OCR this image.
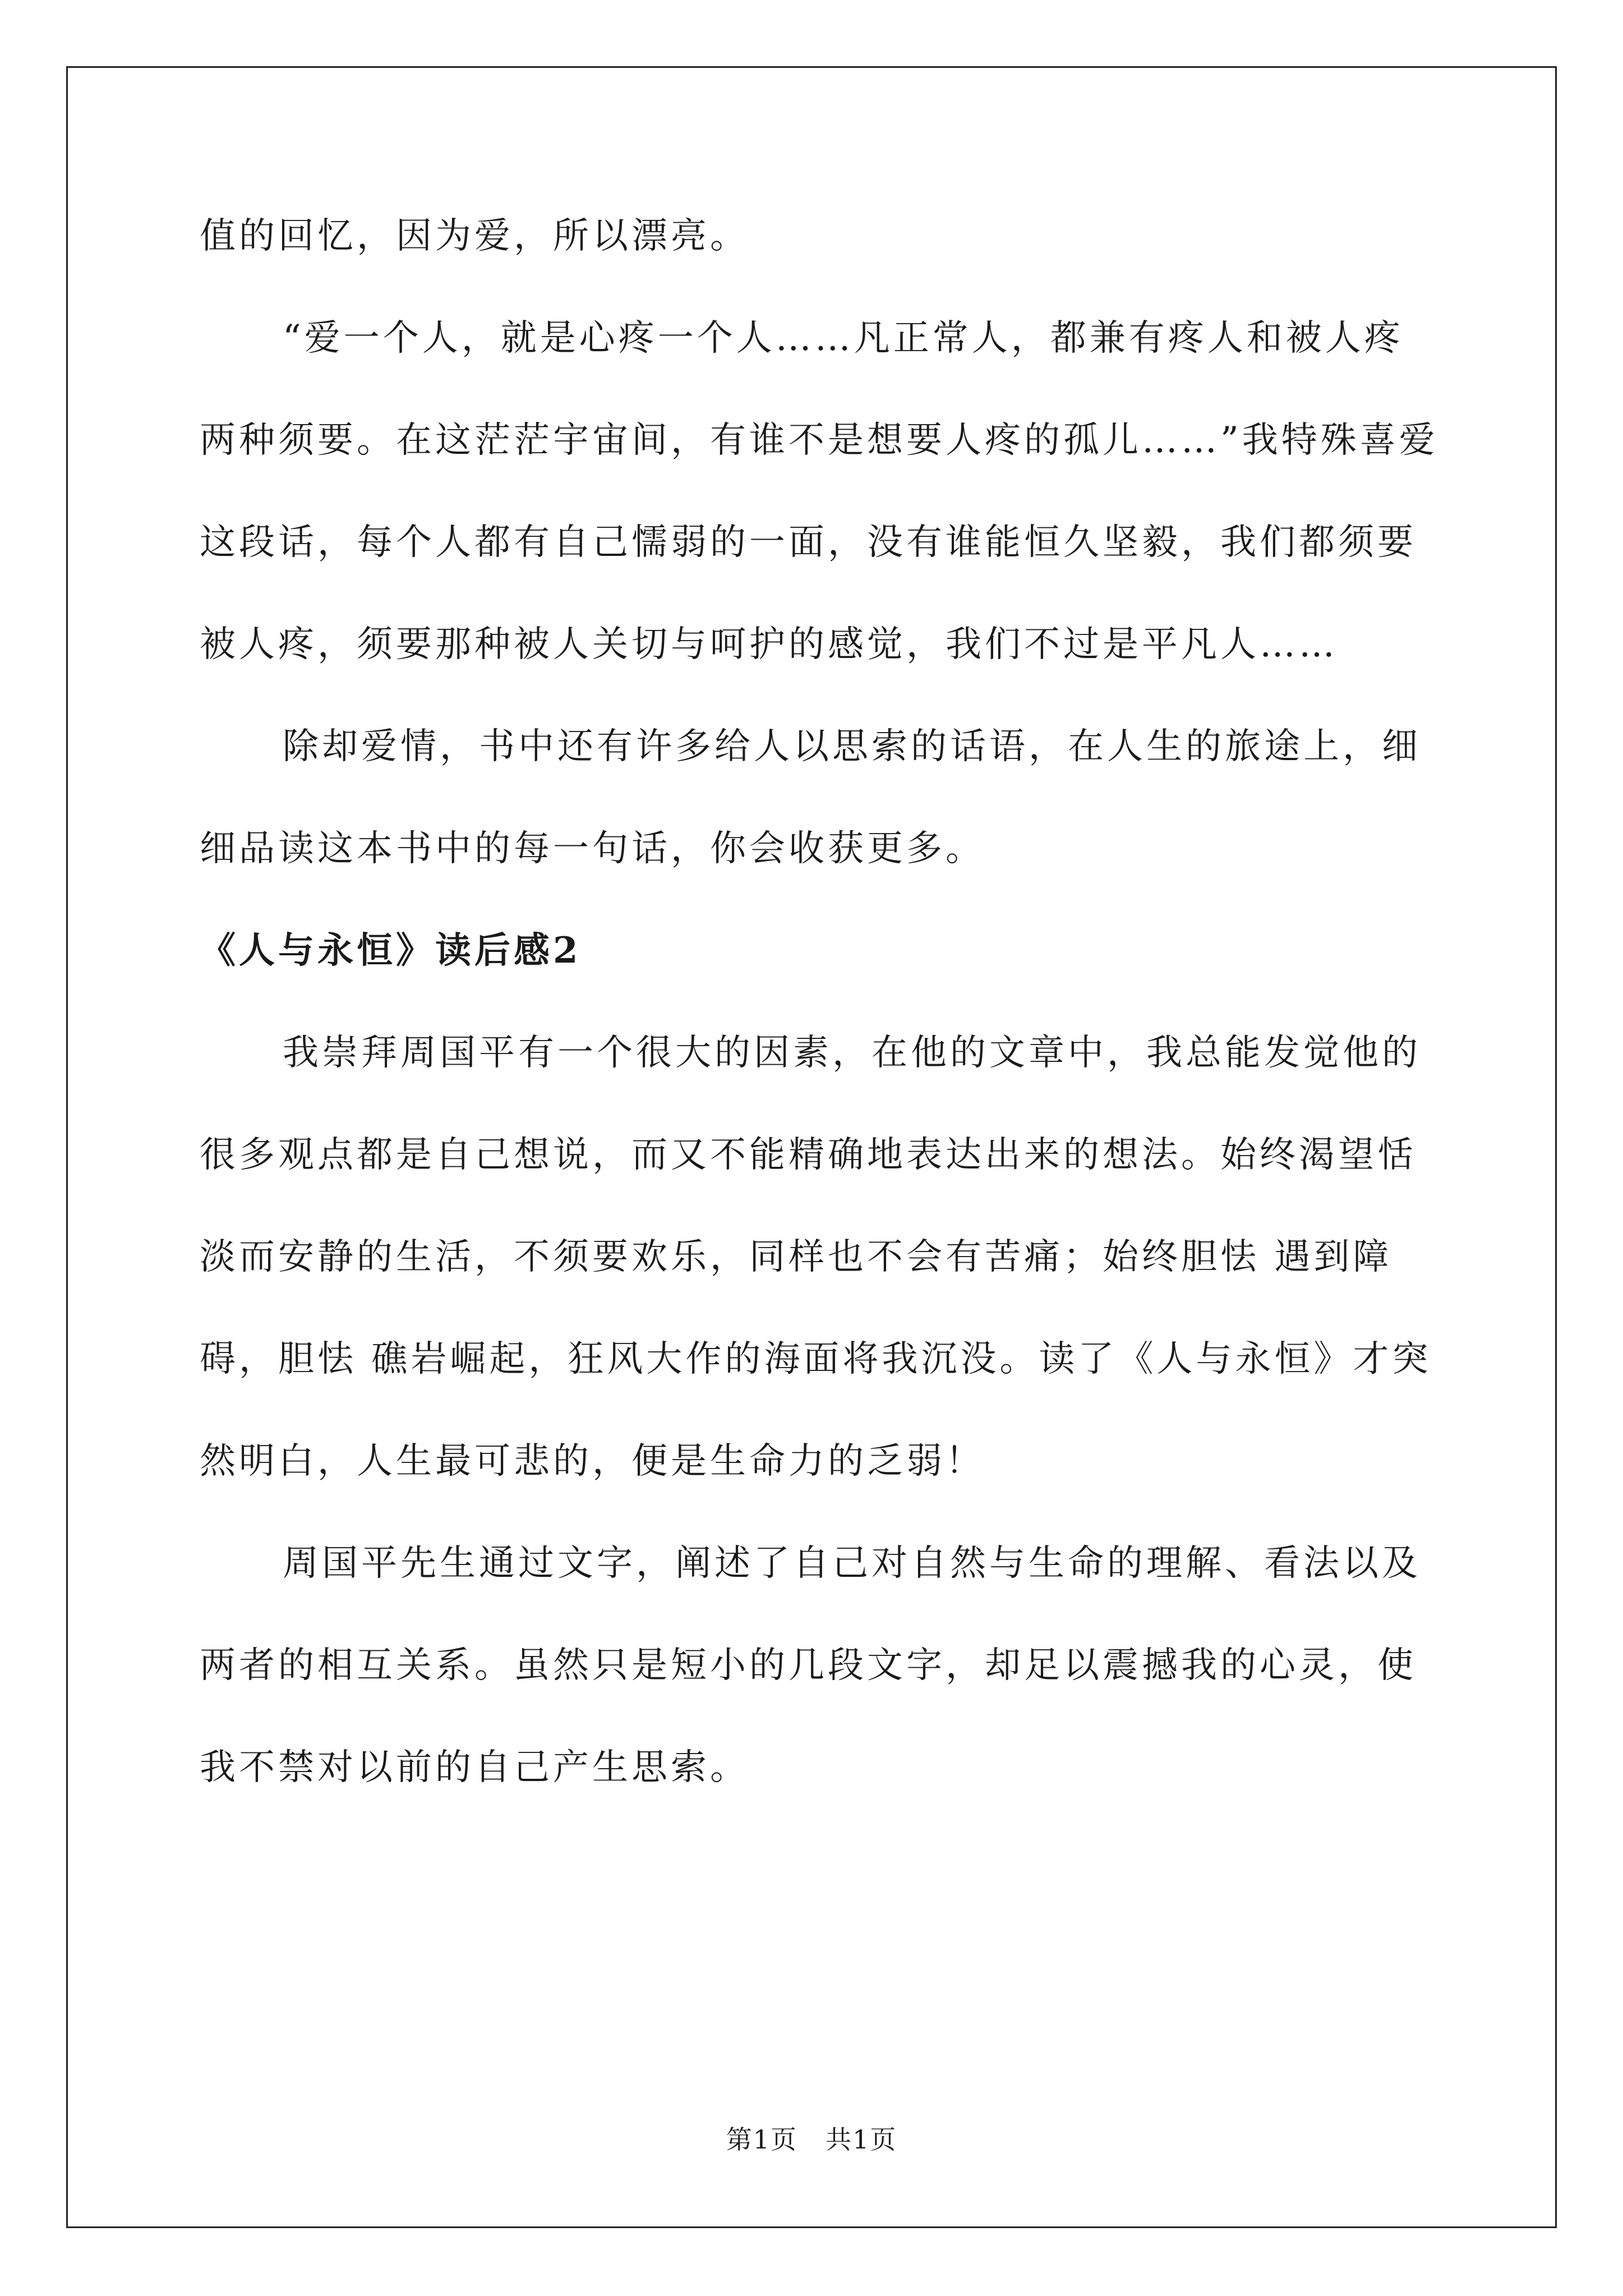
值的回忆，因为爱，所以漂亮。

“爱一个人，就是心疼一个人……凡正常人，都兼有疼人和被人疼两种须要。在这茫茫宇宙间，有谁不是想要人疼的孤儿……”我特殊喜爱这段话，每个人都有自己懦弱的一面，没有谁能恒久坚毅，我们都须要被人疼，须要那种被人关切与呵护的感觉，我们不过是平凡人……

除却爱情，书中还有许多给人以思索的话语，在人生的旅途上，细细品读这本书中的每一句话，你会收获更多。

《人与永恒》读后感2

我崇拜周国平有一个很大的因素，在他的文章中，我总能发觉他的很多观点都是自己想说，而又不能精确地表达出来的想法。始终渴望恬淡而安静的生活，不须要欢乐，同样也不会有苦痛；始终胆怯 遇到障碍，胆怯 礁岩崛起，狂风大作的海面将我沉没。读了《人与永恒》才突然明白，人生最可悲的，便是生命力的乏弱！

周国平先生通过文字，阐述了自己对自然与生命的理解、看法以及两者的相互关系。虽然只是短小的几段文字，却足以震撼我的心灵，使我不禁对以前的自己产生思索。

第1页 共1页
